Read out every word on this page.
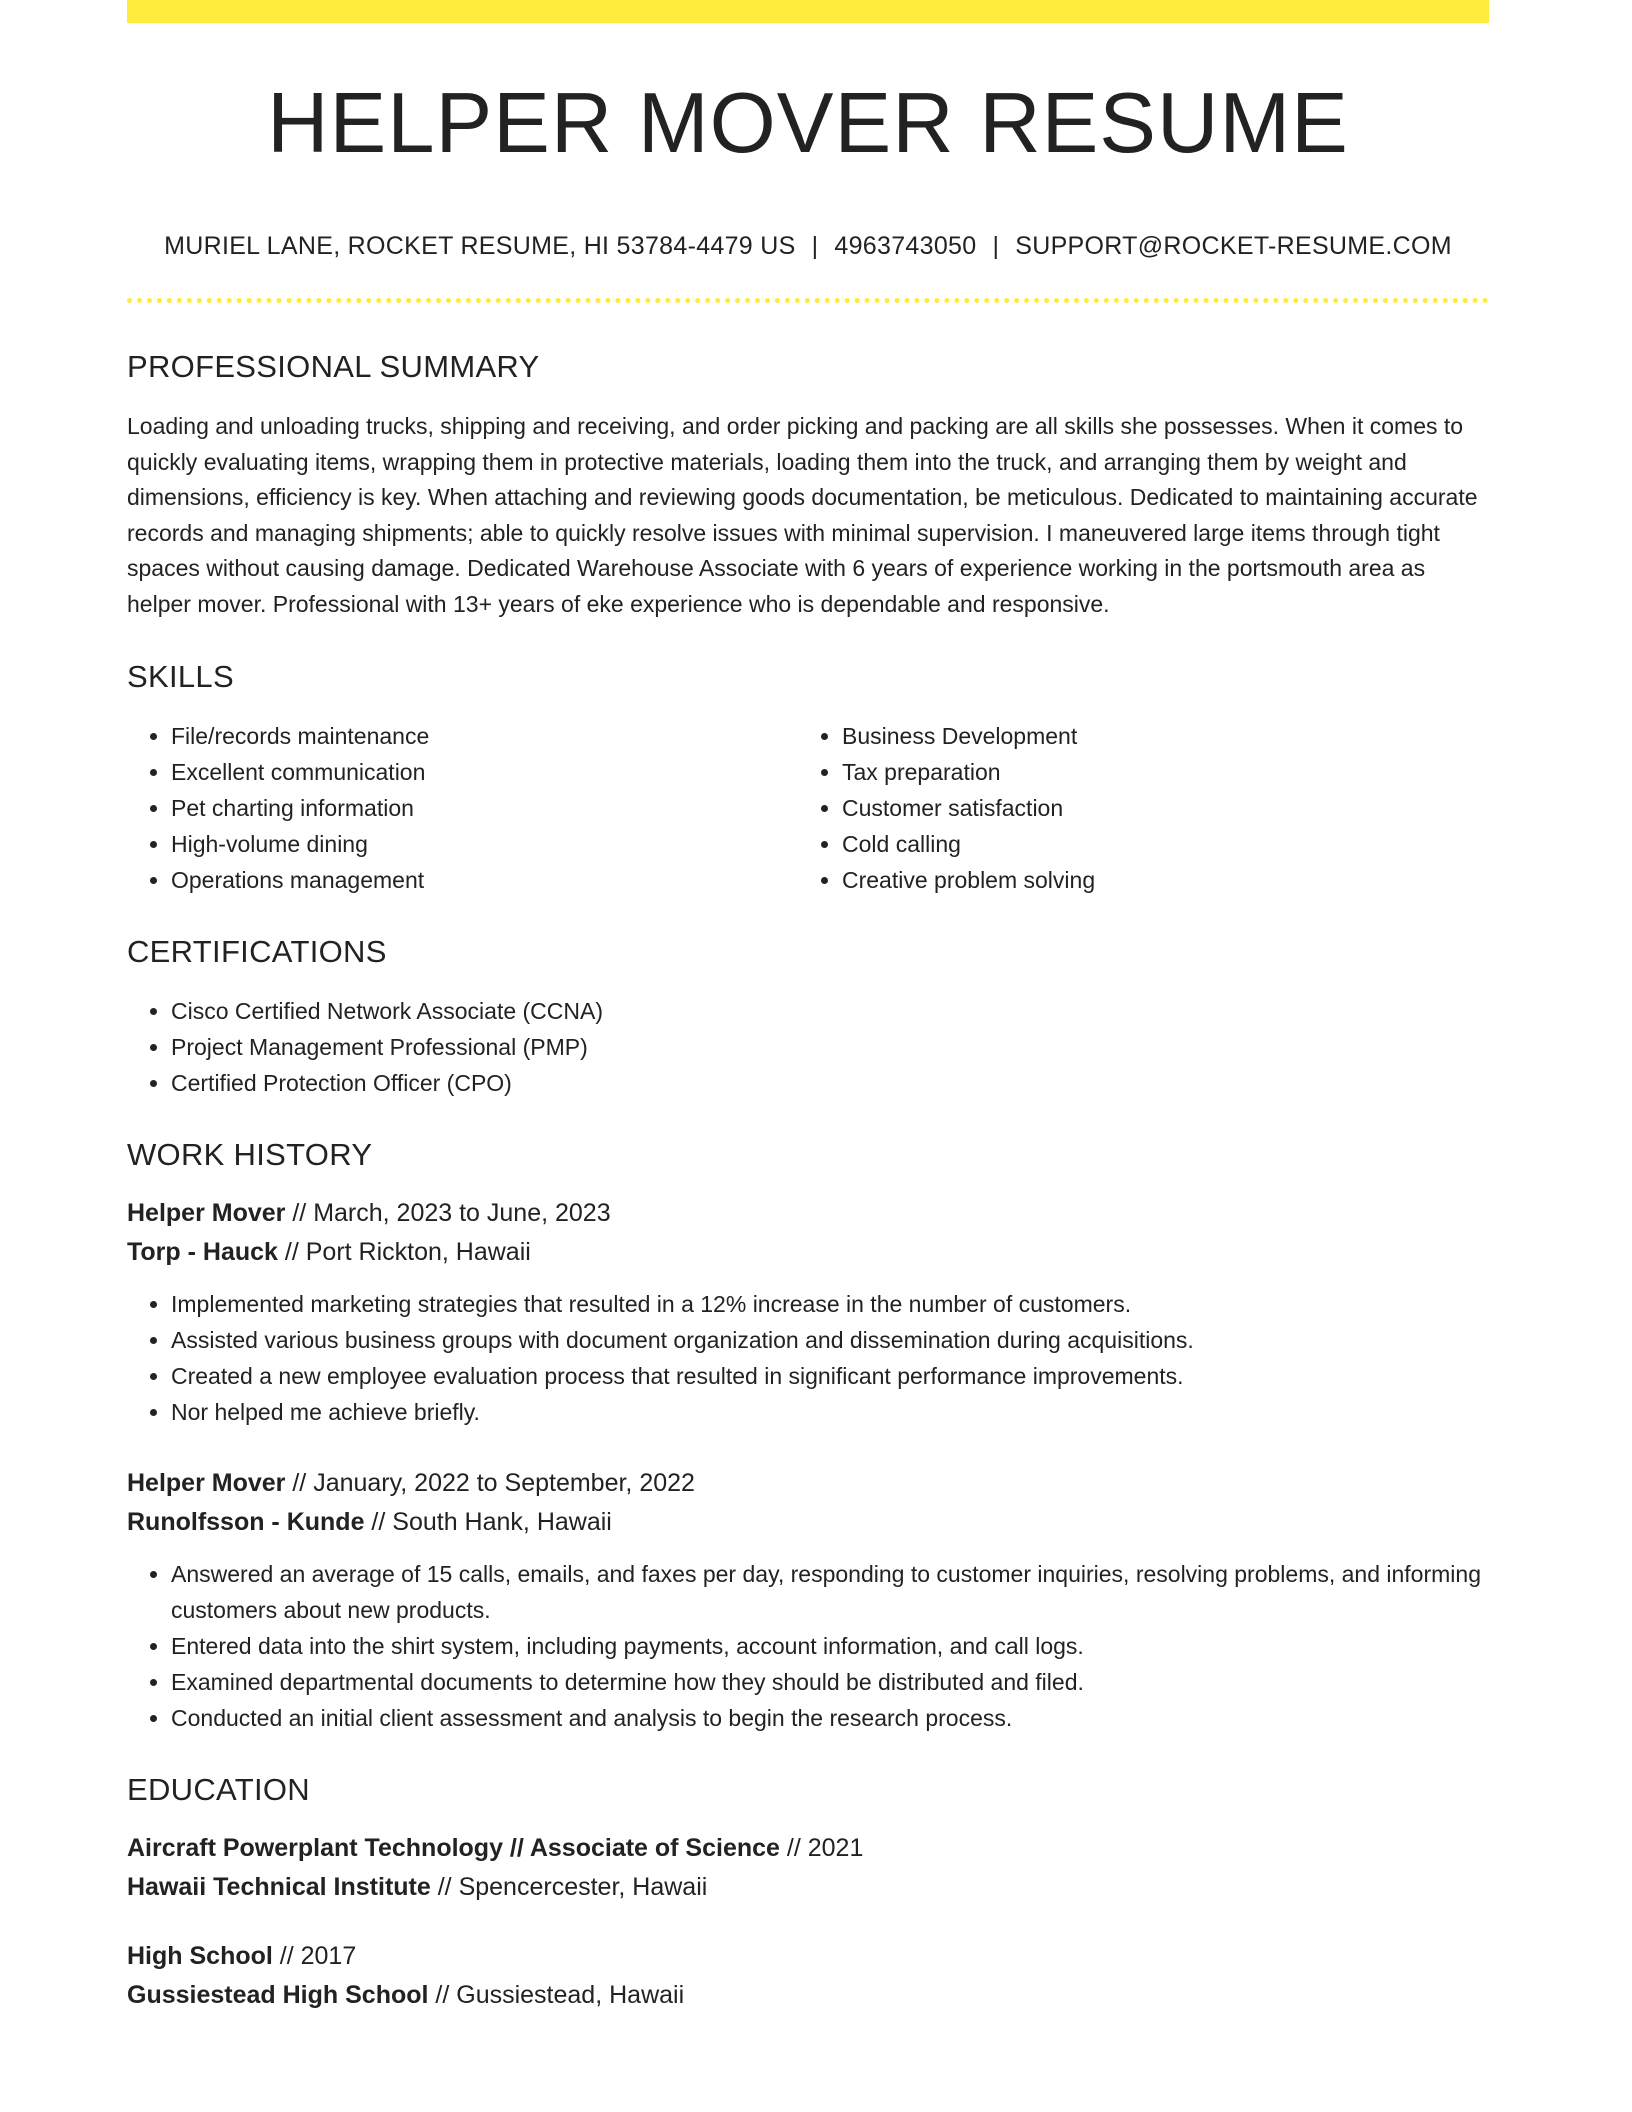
HELPER MOVER RESUME
MURIEL LANE, ROCKET RESUME, HI 53784-4479 US | 4963743050 | SUPPORT@ROCKET-RESUME.COM
PROFESSIONAL SUMMARY

Loading and unloading trucks, shipping and receiving, and order picking and packing are all skills she possesses. When it comes to quickly evaluating items, wrapping them in protective materials, loading them into the truck, and arranging them by weight and dimensions, efficiency is key. When attaching and reviewing goods documentation, be meticulous. Dedicated to maintaining accurate records and managing shipments; able to quickly resolve issues with minimal supervision. I maneuvered large items through tight spaces without causing damage. Dedicated Warehouse Associate with 6 years of experience working in the portsmouth area as helper mover. Professional with 13+ years of eke experience who is dependable and responsive.

SKILLS
• File/records maintenance
• Excellent communication
• Pet charting information
• High-volume dining
• Operations management
• Business Development
• Tax preparation
• Customer satisfaction
• Cold calling
• Creative problem solving
CERTIFICATIONS
• Cisco Certified Network Associate (CCNA)
• Project Management Professional (PMP)
• Certified Protection Officer (CPO)
WORK HISTORY
Helper Mover // March, 2023 to June, 2023
Torp - Hauck // Port Rickton, Hawaii
• Implemented marketing strategies that resulted in a 12% increase in the number of customers.
• Assisted various business groups with document organization and dissemination during acquisitions.
• Created a new employee evaluation process that resulted in significant performance improvements.
• Nor helped me achieve briefly.
Helper Mover // January, 2022 to September, 2022
Runolfsson - Kunde // South Hank, Hawaii
• Answered an average of 15 calls, emails, and faxes per day, responding to customer inquiries, resolving problems, and informing customers about new products.
• Entered data into the shirt system, including payments, account information, and call logs.
• Examined departmental documents to determine how they should be distributed and filed.
• Conducted an initial client assessment and analysis to begin the research process.
EDUCATION
Aircraft Powerplant Technology // Associate of Science // 2021
Hawaii Technical Institute // Spencercester, Hawaii
High School // 2017
Gussiestead High School // Gussiestead, Hawaii
